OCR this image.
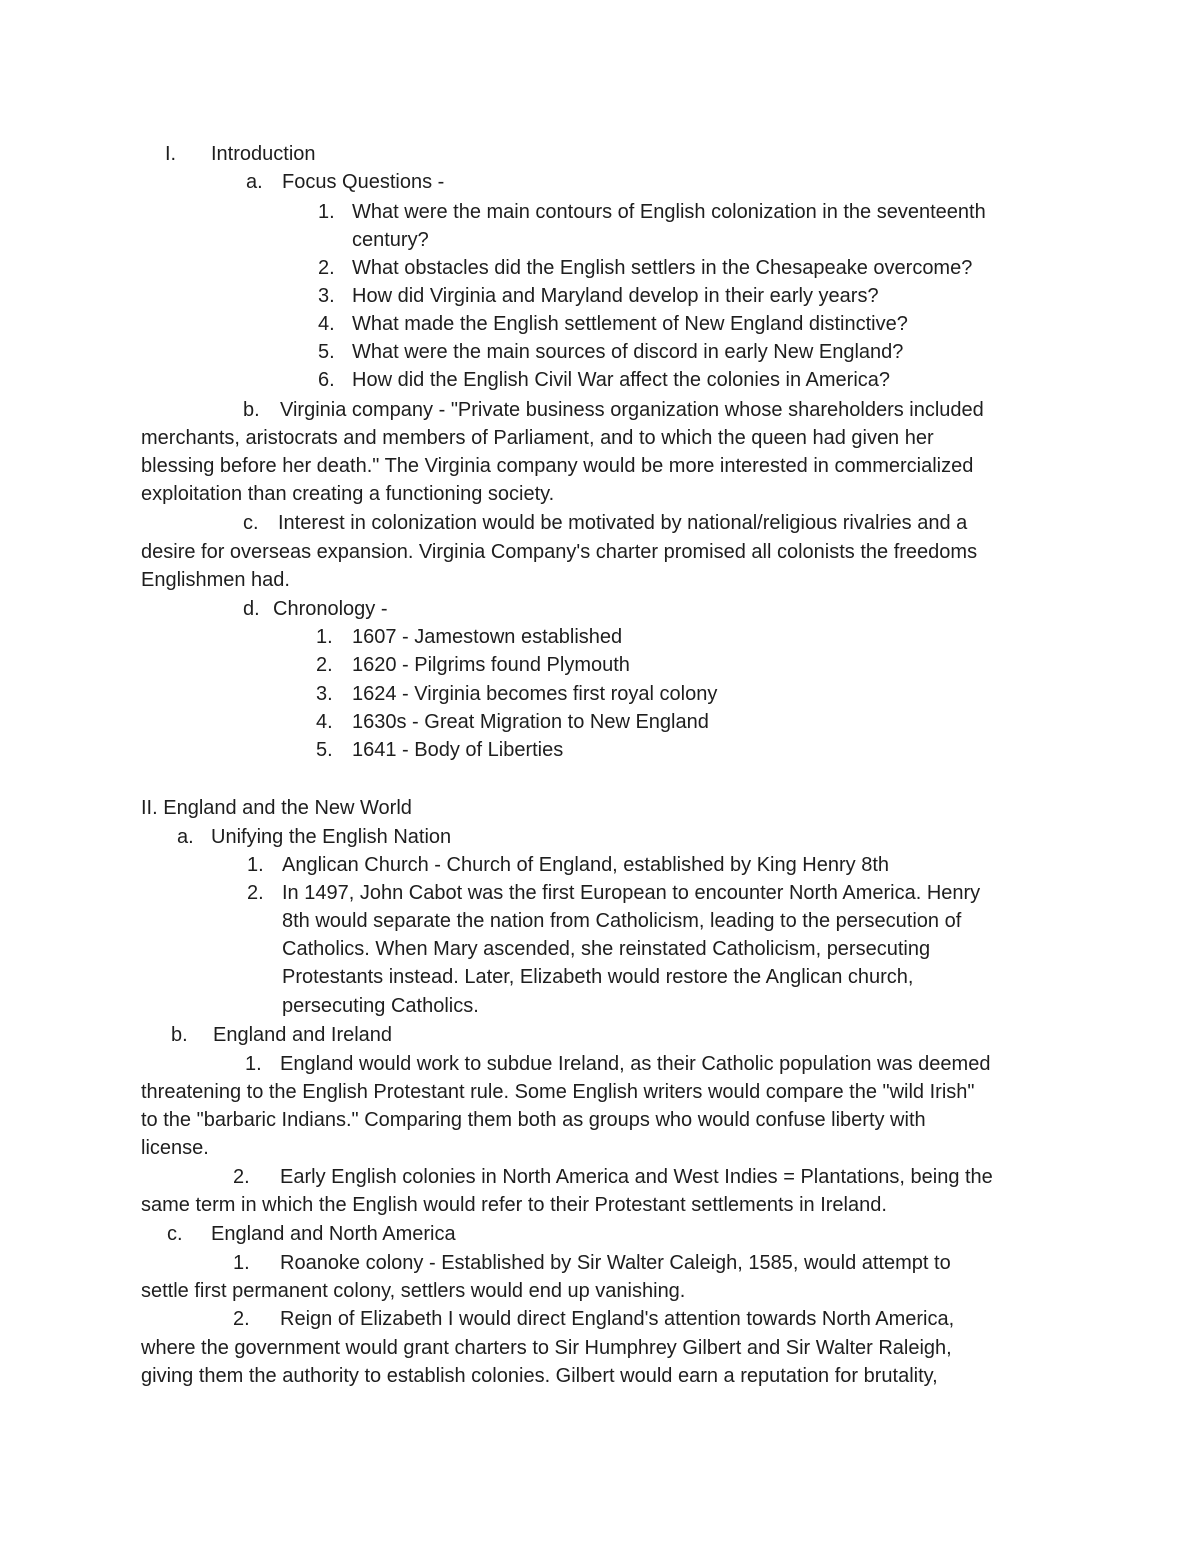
I. Introduction
a. Focus Questions -
1. What were the main contours of English colonization in the seventeenth
century?
2. What obstacles did the English settlers in the Chesapeake overcome?
3. How did Virginia and Maryland develop in their early years?
4. What made the English settlement of New England distinctive?
5. What were the main sources of discord in early New England?
6. How did the English Civil War affect the colonies in America?
b. Virginia company - "Private business organization whose shareholders included
merchants, aristocrats and members of Parliament, and to which the queen had given her
blessing before her death." The Virginia company would be more interested in commercialized
exploitation than creating a functioning society.
c. Interest in colonization would be motivated by national/religious rivalries and a
desire for overseas expansion. Virginia Company's charter promised all colonists the freedoms
Englishmen had.
d. Chronology -
1. 1607 - Jamestown established
2. 1620 - Pilgrims found Plymouth
3. 1624 - Virginia becomes first royal colony
4. 1630s - Great Migration to New England
5. 1641 - Body of Liberties
II. England and the New World
a. Unifying the English Nation
1. Anglican Church - Church of England, established by King Henry 8th
2. In 1497, John Cabot was the first European to encounter North America. Henry
8th would separate the nation from Catholicism, leading to the persecution of
Catholics. When Mary ascended, she reinstated Catholicism, persecuting
Protestants instead. Later, Elizabeth would restore the Anglican church,
persecuting Catholics.
b. England and Ireland
1. England would work to subdue Ireland, as their Catholic population was deemed
threatening to the English Protestant rule. Some English writers would compare the "wild Irish"
to the "barbaric Indians." Comparing them both as groups who would confuse liberty with
license.
2. Early English colonies in North America and West Indies = Plantations, being the
same term in which the English would refer to their Protestant settlements in Ireland.
c. England and North America
1. Roanoke colony - Established by Sir Walter Caleigh, 1585, would attempt to
settle first permanent colony, settlers would end up vanishing.
2. Reign of Elizabeth I would direct England's attention towards North America,
where the government would grant charters to Sir Humphrey Gilbert and Sir Walter Raleigh,
giving them the authority to establish colonies. Gilbert would earn a reputation for brutality,
